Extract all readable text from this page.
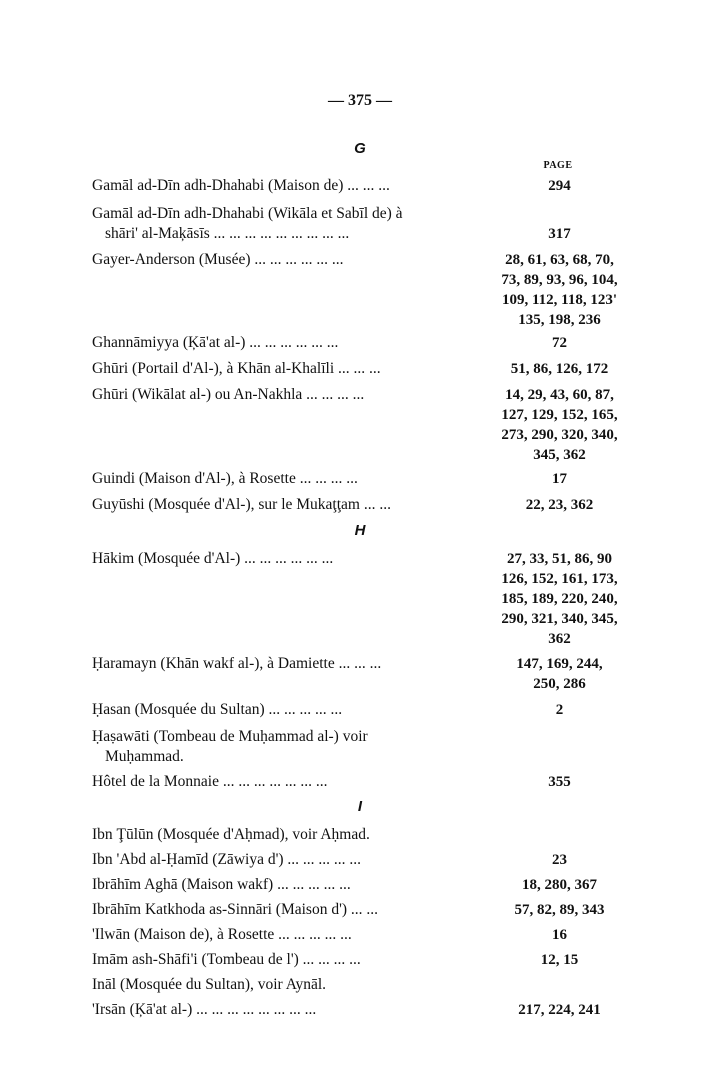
— 375 —
G
PAGE
Gamāl ad-Dīn adh-Dhahabi (Maison de) ... ... ...	294
Gamāl ad-Dīn adh-Dhahabi (Wikāla et Sabīl de) à
shāri' al-Maķāsīs ... ... ... ... ... ... ... ... ...	317
Gayer-Anderson (Musée) ... ... ... ... ... ...	28, 61, 63, 68, 70,
73, 89, 93, 96, 104,
109, 112, 118, 123'
135, 198, 236
Ghannāmiyya (Ķā'at al-) ... ... ... ... ... ...	72
Ghūri (Portail d'Al-), à Khān al-Khalīli ... ... ...	51, 86, 126, 172
Ghūri (Wikālat al-) ou An-Nakhla ... ... ... ...	14, 29, 43, 60, 87,
127, 129, 152, 165,
273, 290, 320, 340,
345, 362
Guindi (Maison d'Al-), à Rosette ... ... ... ...	17
Guyūshi (Mosquée d'Al-), sur le Mukaţţam ... ...	22, 23, 362
H
Hākim (Mosquée d'Al-) ... ... ... ... ... ...	27, 33, 51, 86, 90
126, 152, 161, 173,
185, 189, 220, 240,
290, 321, 340, 345,
362
Ḥaramayn (Khān wakf al-), à Damiette ... ... ...	147, 169, 244,
250, 286
Ḥasan (Mosquée du Sultan) ... ... ... ... ...	2
Ḥaṣawāti (Tombeau de Muḥammad al-) voir
Muḥammad.
Hôtel de la Monnaie ... ... ... ... ... ... ...	355
I
Ibn Ţūlūn (Mosquée d'Aḥmad), voir Aḥmad.
Ibn 'Abd al-Ḥamīd (Zāwiya d') ... ... ... ... ...	23
Ibrāhīm Aghā (Maison wakf) ... ... ... ... ...	18, 280, 367
Ibrāhīm Katkhoda as-Sinnāri (Maison d') ... ...	57, 82, 89, 343
'Ilwān (Maison de), à Rosette ... ... ... ... ...	16
Imām ash-Shāfi'i (Tombeau de l') ... ... ... ...	12, 15
Ināl (Mosquée du Sultan), voir Aynāl.
'Irsān (Ķā'at al-) ... ... ... ... ... ... ... ...	217, 224, 241
